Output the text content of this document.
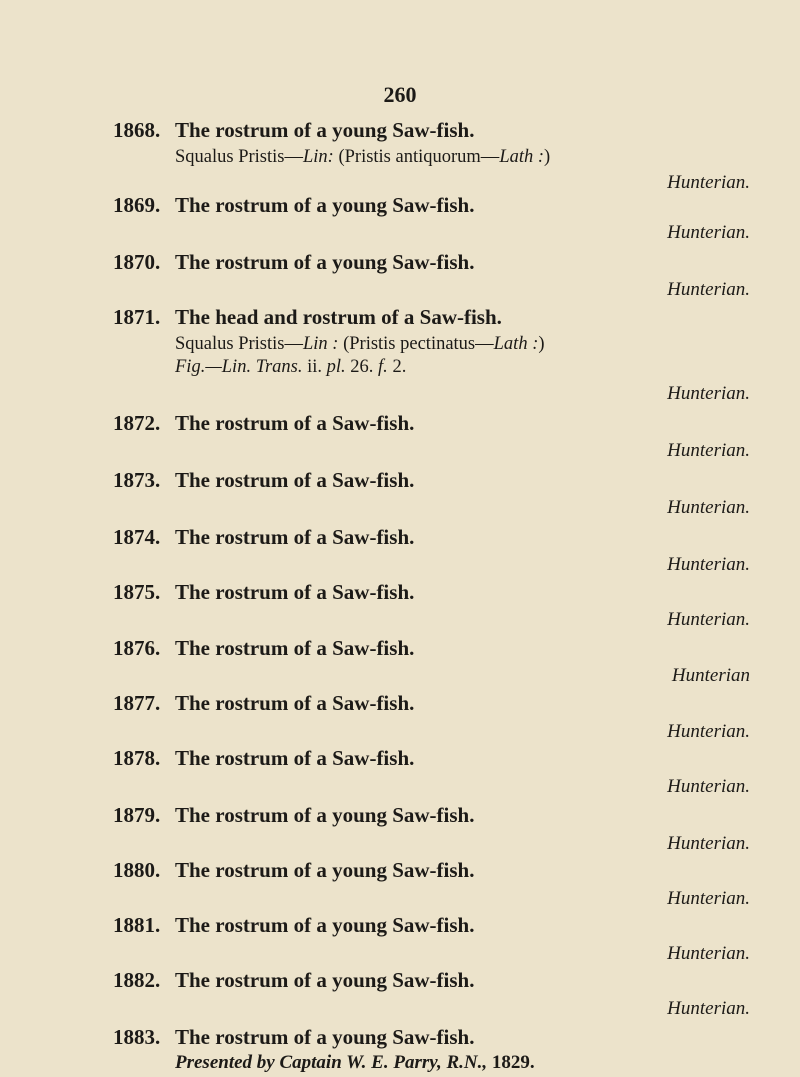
260
1868. The rostrum of a young Saw-fish.
Squalus Pristis—Lin: (Pristis antiquorum—Lath :)
Hunterian.
1869. The rostrum of a young Saw-fish.
Hunterian.
1870. The rostrum of a young Saw-fish.
Hunterian.
1871. The head and rostrum of a Saw-fish.
Squalus Pristis—Lin : (Pristis pectinatus—Lath :)
Fig.—Lin. Trans. ii. pl. 26. f. 2.
Hunterian.
1872. The rostrum of a Saw-fish.
Hunterian.
1873. The rostrum of a Saw-fish.
Hunterian.
1874. The rostrum of a Saw-fish.
Hunterian.
1875. The rostrum of a Saw-fish.
Hunterian.
1876. The rostrum of a Saw-fish.
Hunterian
1877. The rostrum of a Saw-fish.
Hunterian.
1878. The rostrum of a Saw-fish.
Hunterian.
1879. The rostrum of a young Saw-fish.
Hunterian.
1880. The rostrum of a young Saw-fish.
Hunterian.
1881. The rostrum of a young Saw-fish.
Hunterian.
1882. The rostrum of a young Saw-fish.
Hunterian.
1883. The rostrum of a young Saw-fish.
Presented by Captain W. E. Parry, R.N., 1829.
